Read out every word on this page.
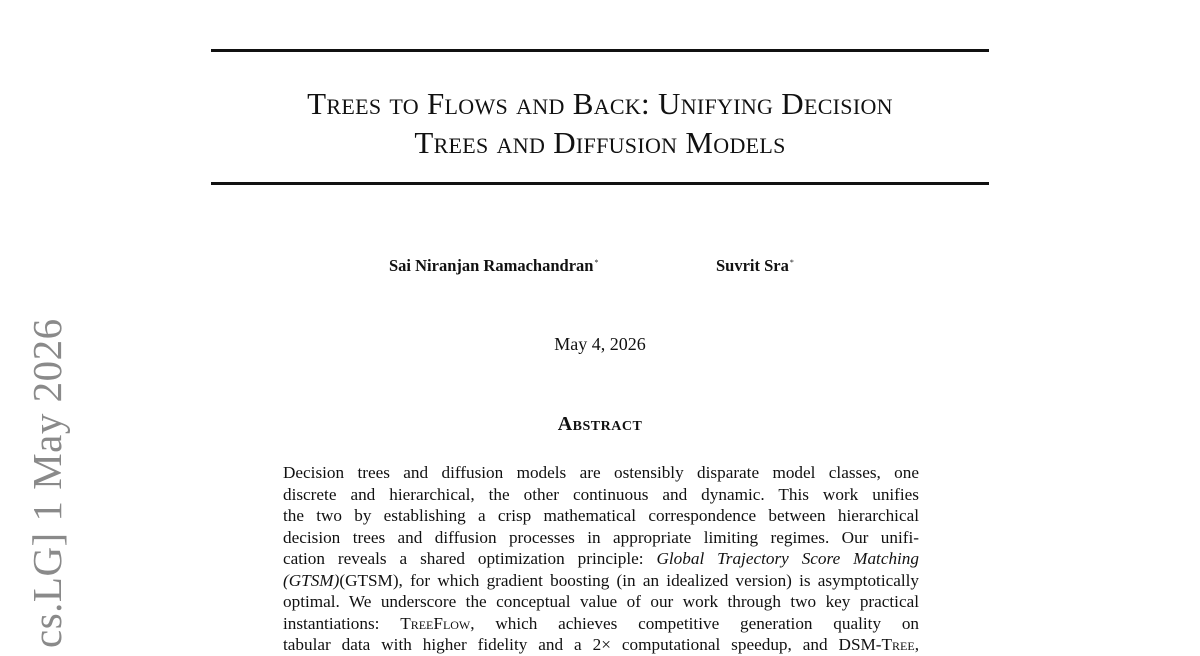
Trees to Flows and Back: Unifying Decision
Trees and Diffusion Models
Sai Niranjan Ramachandran*	Suvrit Sra*
May 4, 2026
Abstract
Decision trees and diffusion models are ostensibly disparate model classes, one
discrete and hierarchical, the other continuous and dynamic. This work unifies
the two by establishing a crisp mathematical correspondence between hierarchical
decision trees and diffusion processes in appropriate limiting regimes. Our unifi-
cation reveals a shared optimization principle: Global Trajectory Score Matching
(GTSM)(GTSM), for which gradient boosting (in an idealized version) is asymptotically
optimal. We underscore the conceptual value of our work through two key practical
instantiations: TreeFlow, which achieves competitive generation quality on
tabular data with higher fidelity and a 2× computational speedup, and DSM-Tree,
cs.LG] 1 May 2026
